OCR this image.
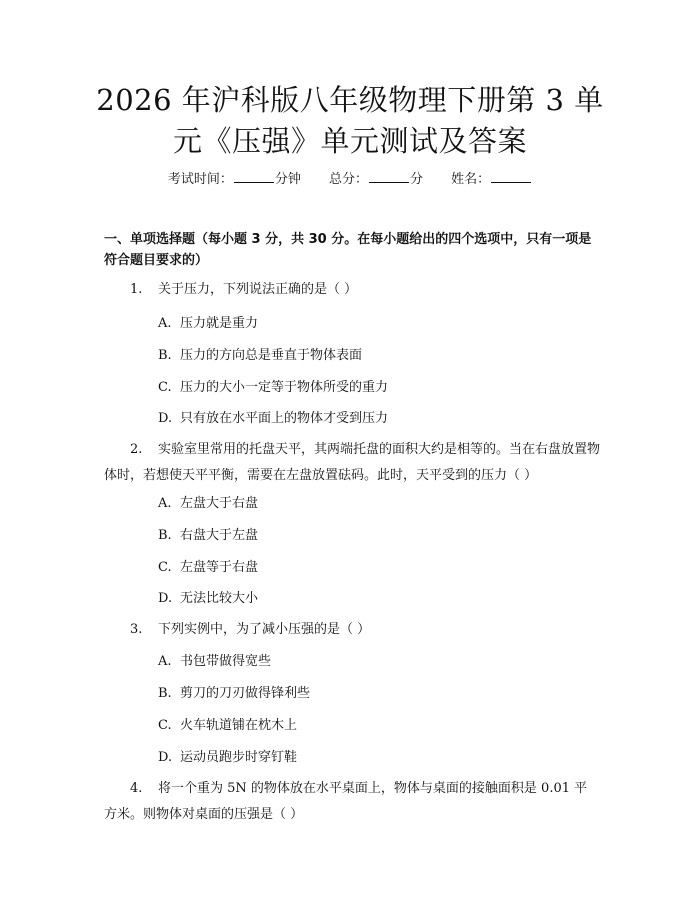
2026 年沪科版八年级物理下册第 3 单元《压强》单元测试及答案
考试时间：	分钟 总分：	分 姓名：
一、单项选择题（每小题 3 分，共 30 分。在每小题给出的四个选项中，只有一项是符合题目要求的）
1. 关于压力，下列说法正确的是（ ）
A. 压力就是重力
B. 压力的方向总是垂直于物体表面
C. 压力的大小一定等于物体所受的重力
D. 只有放在水平面上的物体才受到压力
2. 实验室里常用的托盘天平，其两端托盘的面积大约是相等的。当在右盘放置物体时，若想使天平平衡，需要在左盘放置砝码。此时，天平受到的压力（ ）
A. 左盘大于右盘
B. 右盘大于左盘
C. 左盘等于右盘
D. 无法比较大小
3. 下列实例中，为了减小压强的是（ ）
A. 书包带做得宽些
B. 剪刀的刀刃做得锋利些
C. 火车轨道铺在枕木上
D. 运动员跑步时穿钉鞋
4. 将一个重为 5N 的物体放在水平桌面上，物体与桌面的接触面积是 0.01 平方米。则物体对桌面的压强是（ ）
